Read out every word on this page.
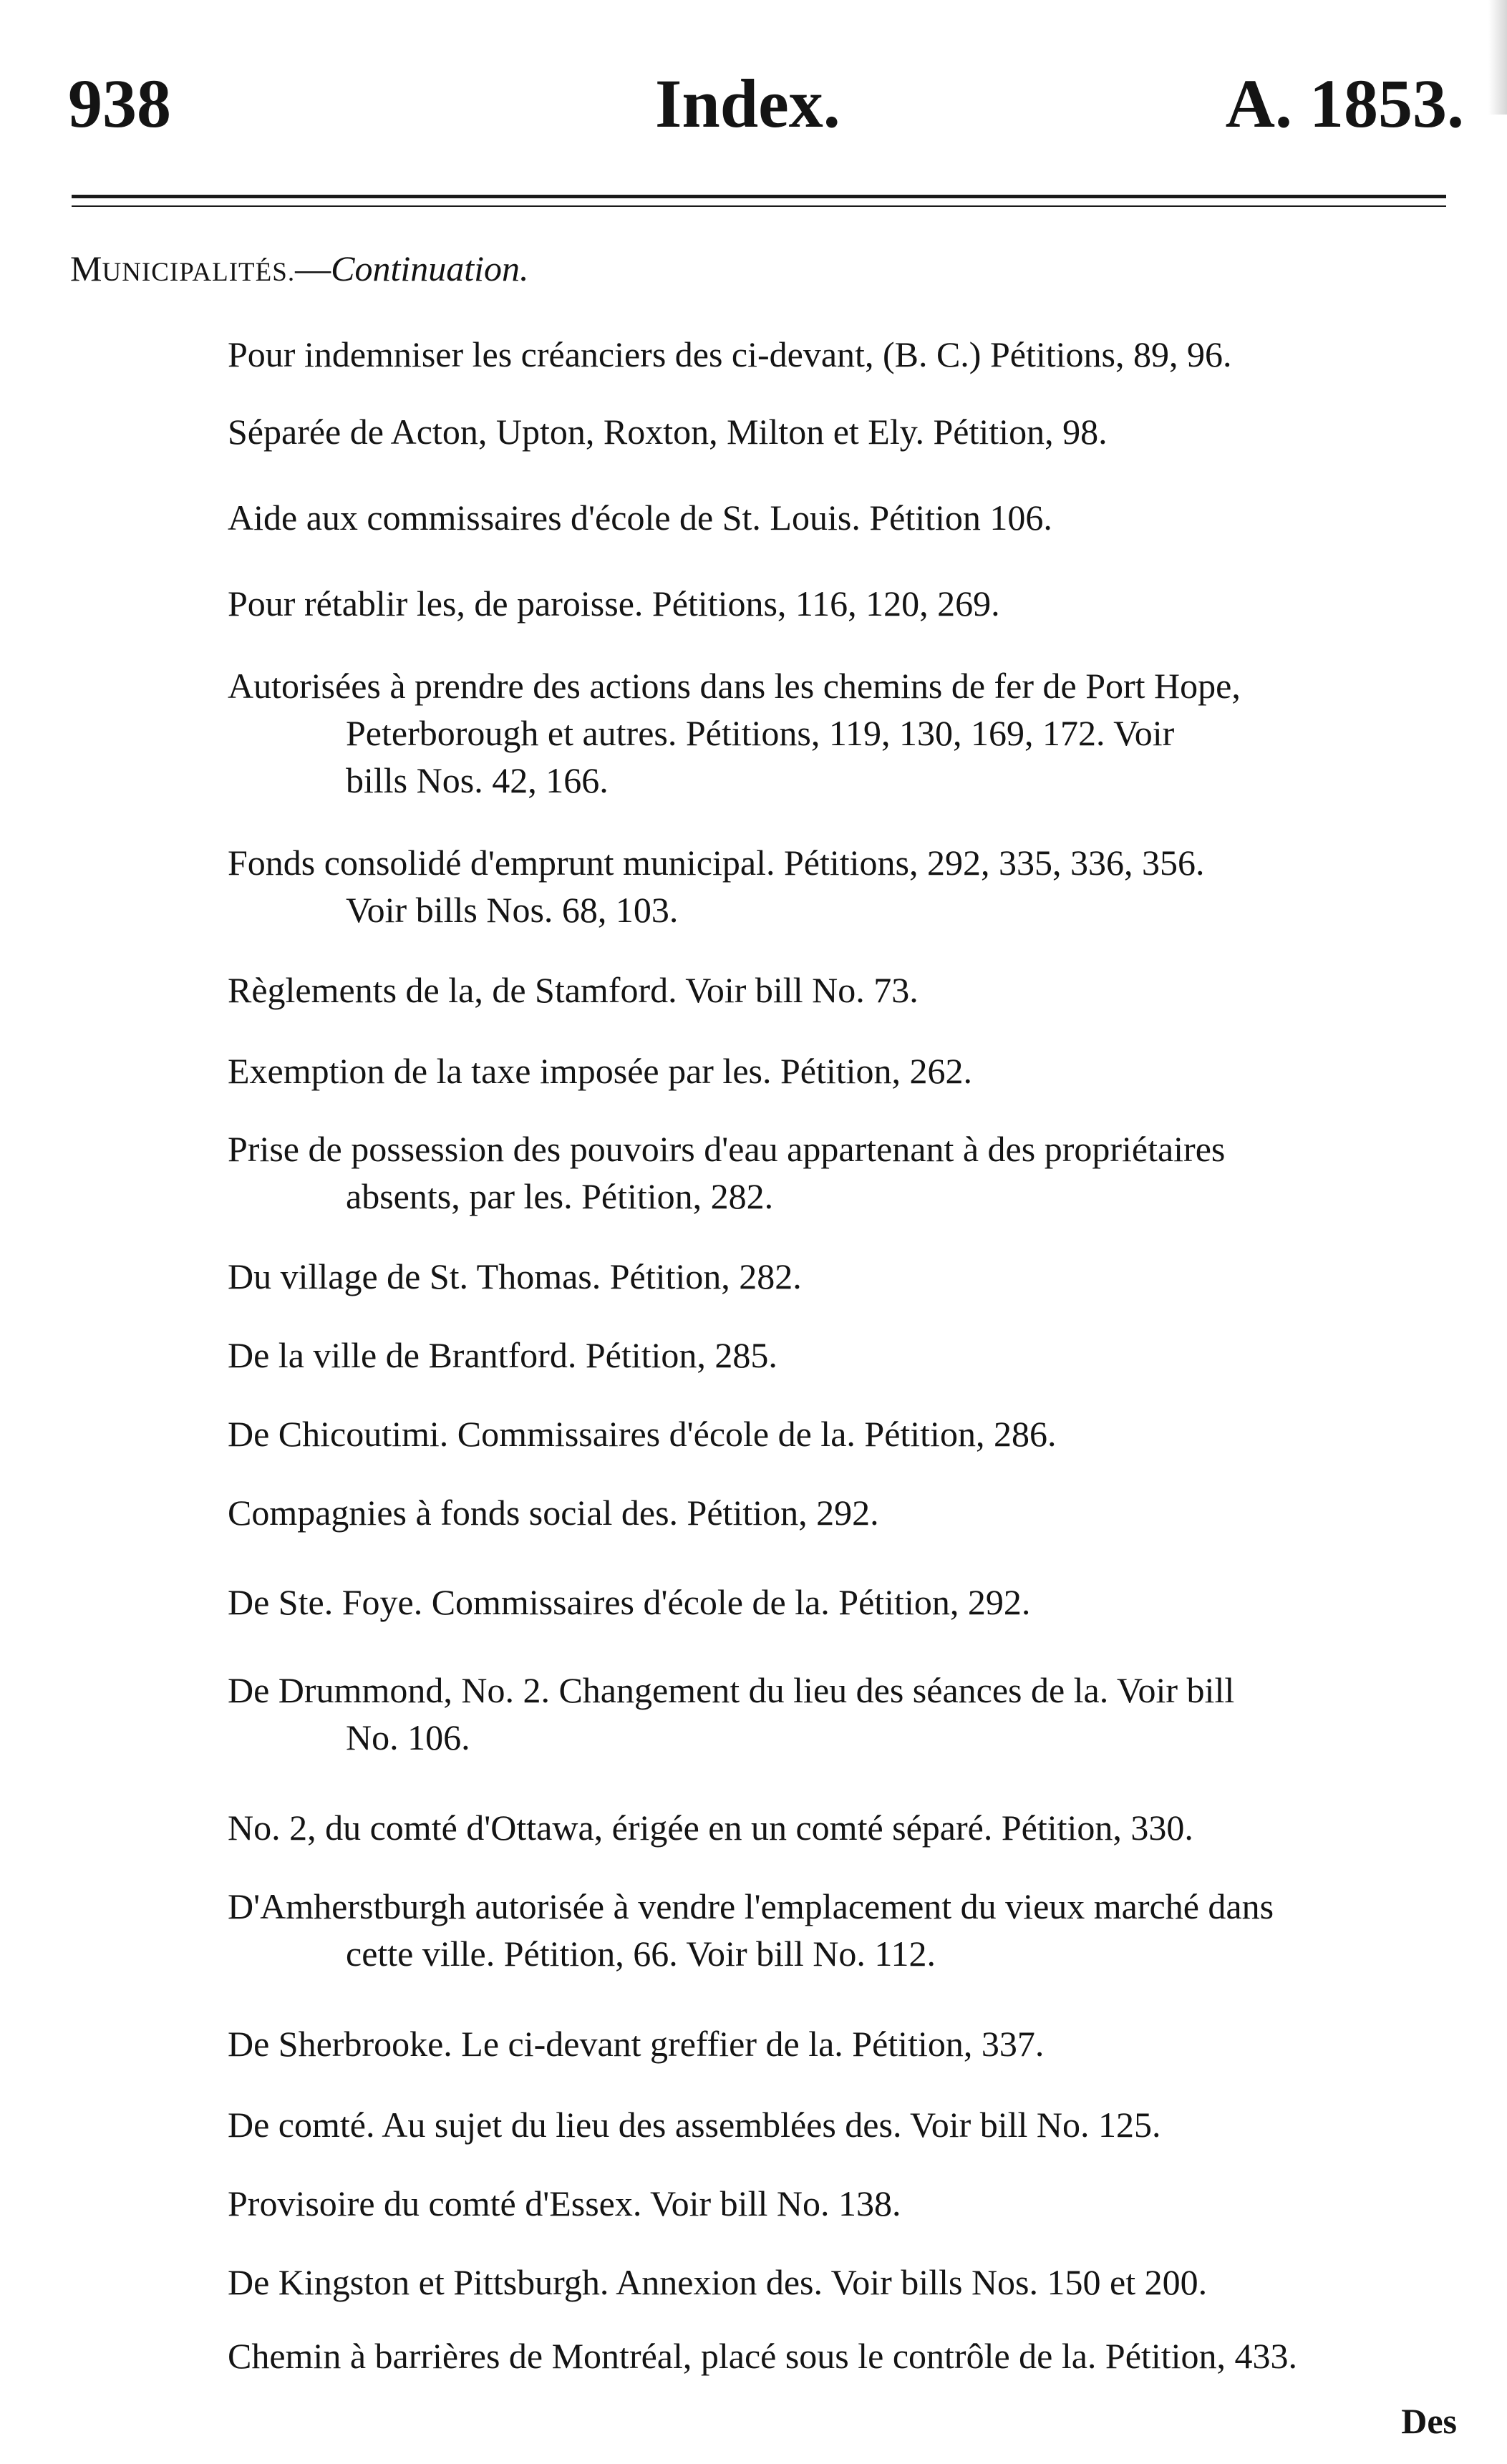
938	Index.	A. 1853.
MUNICIPALITÉS.—Continuation.
Pour indemniser les créanciers des ci-devant, (B. C.) Pétitions, 89, 96.
Séparée de Acton, Upton, Roxton, Milton et Ely. Pétition, 98.
Aide aux commissaires d'école de St. Louis. Pétition 106.
Pour rétablir les, de paroisse. Pétitions, 116, 120, 269.
Autorisées à prendre des actions dans les chemins de fer de Port Hope,
Peterborough et autres. Pétitions, 119, 130, 169, 172. Voir
bills Nos. 42, 166.
Fonds consolidé d'emprunt municipal. Pétitions, 292, 335, 336, 356.
Voir bills Nos. 68, 103.
Règlements de la, de Stamford. Voir bill No. 73.
Exemption de la taxe imposée par les. Pétition, 262.
Prise de possession des pouvoirs d'eau appartenant à des propriétaires
absents, par les. Pétition, 282.
Du village de St. Thomas. Pétition, 282.
De la ville de Brantford. Pétition, 285.
De Chicoutimi. Commissaires d'école de la. Pétition, 286.
Compagnies à fonds social des. Pétition, 292.
De Ste. Foye. Commissaires d'école de la. Pétition, 292.
De Drummond, No. 2. Changement du lieu des séances de la. Voir bill
No. 106.
No. 2, du comté d'Ottawa, érigée en un comté séparé. Pétition, 330.
D'Amherstburgh autorisée à vendre l'emplacement du vieux marché dans
cette ville. Pétition, 66. Voir bill No. 112.
De Sherbrooke. Le ci-devant greffier de la. Pétition, 337.
De comté. Au sujet du lieu des assemblées des. Voir bill No. 125.
Provisoire du comté d'Essex. Voir bill No. 138.
De Kingston et Pittsburgh. Annexion des. Voir bills Nos. 150 et 200.
Chemin à barrières de Montréal, placé sous le contrôle de la. Pétition, 433.
Des
